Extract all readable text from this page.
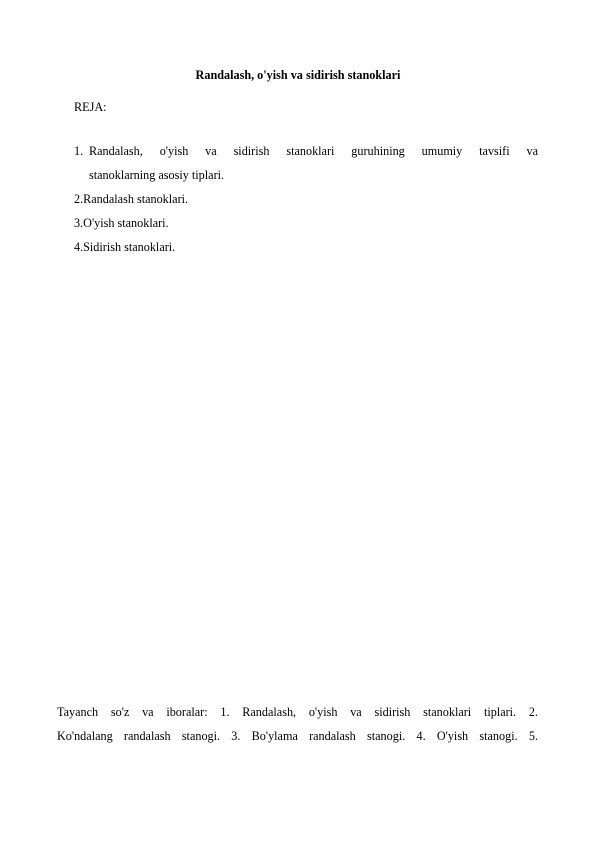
Randalash, o'yish va sidirish stanoklari
REJA:
1. Randalash, o'yish va sidirish stanoklari guruhining umumiy tavsifi va
stanoklarning asosiy tiplari.
2.Randalash stanoklari.
3.O'yish stanoklari.
4.Sidirish stanoklari.
Tayanch so'z va iboralar: 1. Randalash, o'yish va sidirish stanoklari tiplari. 2.
Ko'ndalang randalash stanogi. 3. Bo'ylama randalash stanogi. 4. O'yish stanogi. 5.
